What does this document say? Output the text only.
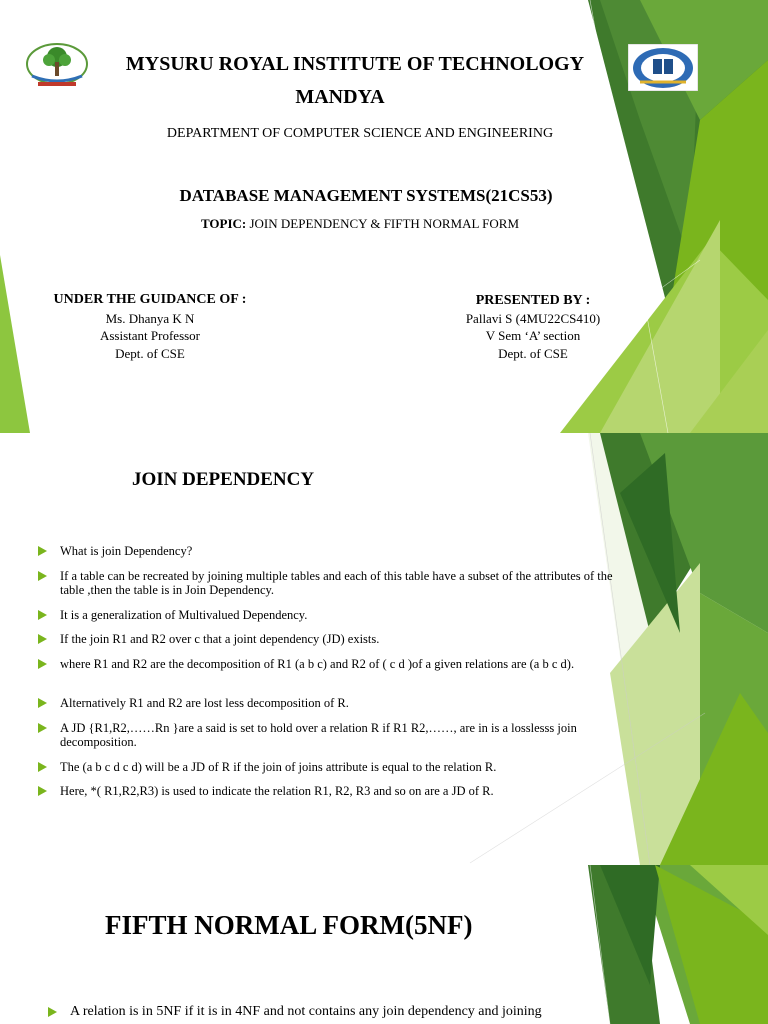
MYSURU ROYAL INSTITUTE OF TECHNOLOGY
MANDYA
DEPARTMENT OF COMPUTER SCIENCE AND ENGINEERING
DATABASE MANAGEMENT SYSTEMS(21CS53)
TOPIC: JOIN DEPENDENCY & FIFTH NORMAL FORM
UNDER THE GUIDANCE OF :
Ms. Dhanya K N
Assistant Professor
Dept. of CSE
PRESENTED BY :
Pallavi S (4MU22CS410)
V Sem ‘A’ section
Dept. of CSE
JOIN DEPENDENCY
What is join Dependency?
If a table can be recreated by joining multiple tables and each of this table have a subset of the attributes of the table ,then the table is in Join Dependency.
It is a generalization of Multivalued Dependency.
If the join R1 and R2 over c that a joint dependency (JD) exists.
where R1 and R2 are the decomposition of R1 (a b c) and R2 of ( c d )of a given relations are (a b c d).
Alternatively R1 and R2 are lost less decomposition of R.
A JD {R1,R2,……Rn }are a said is set to hold over a relation R if R1 R2,……, are in is a losslesss join decomposition.
The (a b c d c d) will be a JD of R if the join of joins attribute is equal to the relation R.
Here, *( R1,R2,R3) is used to indicate the relation R1, R2, R3 and so on are a JD of R.
FIFTH NORMAL FORM(5NF)
A relation is in 5NF if it is in 4NF and not contains any join dependency and joining
